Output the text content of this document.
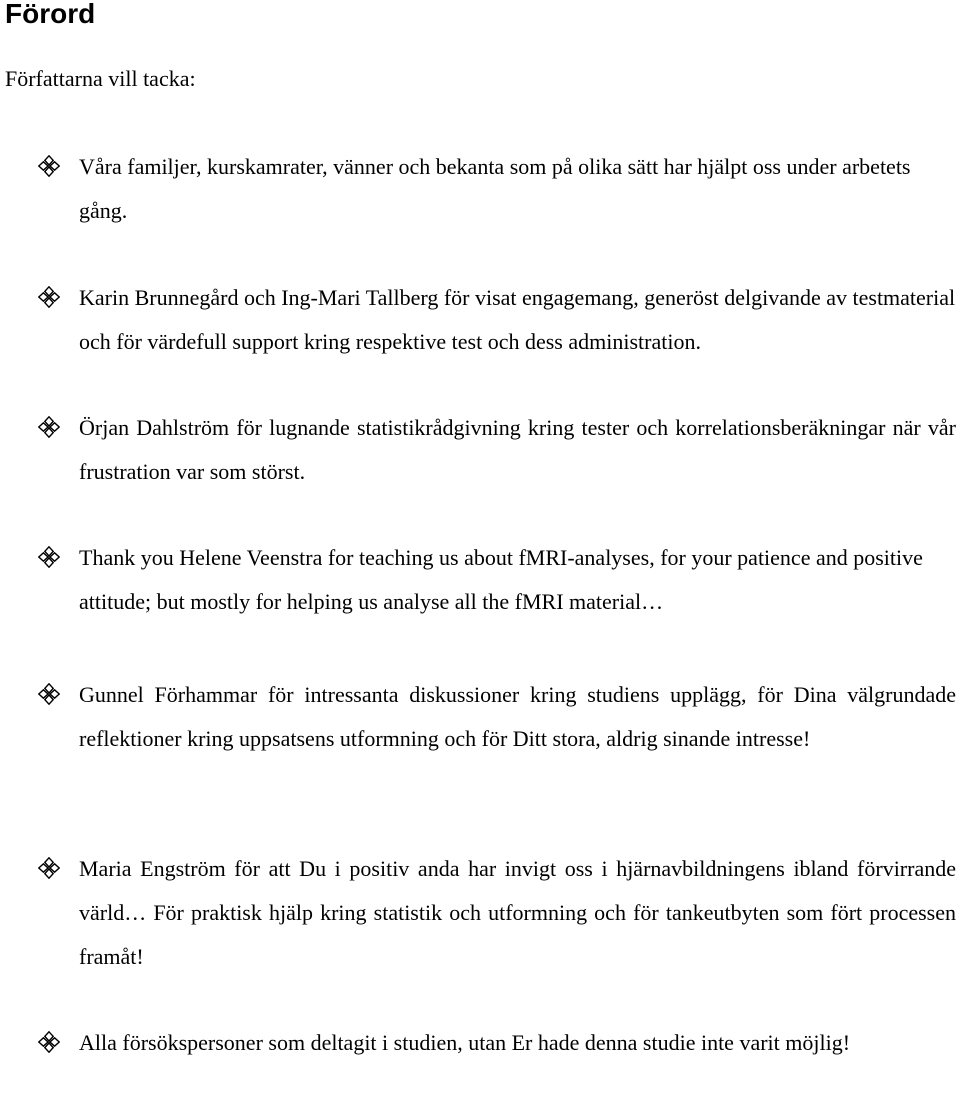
Förord

Författarna vill tacka:

Våra familjer, kurskamrater, vänner och bekanta som på olika sätt har hjälpt oss under arbetets gång.

Karin Brunnegård och Ing-Mari Tallberg för visat engagemang, generöst delgivande av testmaterial och för värdefull support kring respektive test och dess administration.

Örjan Dahlström för lugnande statistikrådgivning kring tester och korrelationsberäkningar när vår frustration var som störst.

Thank you Helene Veenstra for teaching us about fMRI-analyses, for your patience and positive attitude; but mostly for helping us analyse all the fMRI material…

Gunnel Förhammar för intressanta diskussioner kring studiens upplägg, för Dina välgrundade reflektioner kring uppsatsens utformning och för Ditt stora, aldrig sinande intresse!

Maria Engström för att Du i positiv anda har invigt oss i hjärnavbildningens ibland förvirrande värld… För praktisk hjälp kring statistik och utformning och för tankeutbyten som fört processen framåt!

Alla försökspersoner som deltagit i studien, utan Er hade denna studie inte varit möjlig!
